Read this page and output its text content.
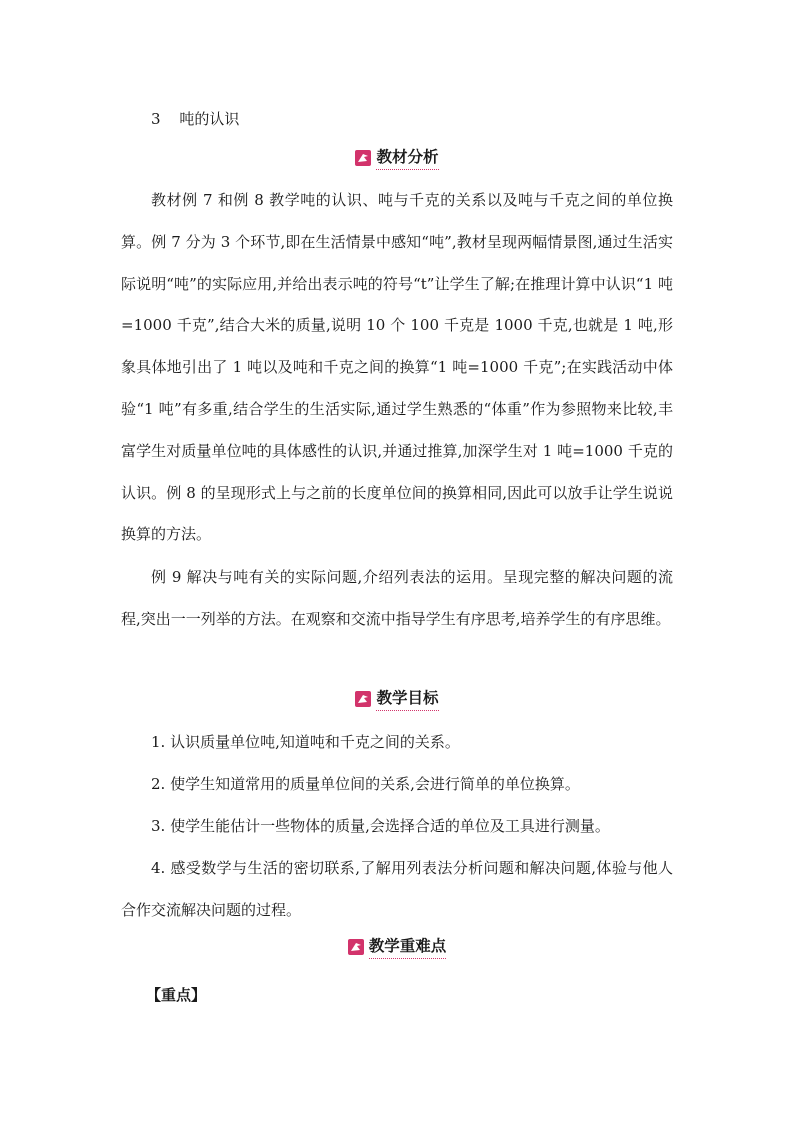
3 吨的认识
教材分析

教材例 7 和例 8 教学吨的认识、吨与千克的关系以及吨与千克之间的单位换算。例 7 分为 3 个环节,即在生活情景中感知“吨”,教材呈现两幅情景图,通过生活实际说明“吨”的实际应用,并给出表示吨的符号“t”让学生了解;在推理计算中认识“1 吨=1000 千克”,结合大米的质量,说明 10 个 100 千克是 1000 千克,也就是 1 吨,形象具体地引出了 1 吨以及吨和千克之间的换算“1 吨=1000 千克”;在实践活动中体验“1 吨”有多重,结合学生的生活实际,通过学生熟悉的“体重”作为参照物来比较,丰富学生对质量单位吨的具体感性的认识,并通过推算,加深学生对 1 吨=1000 千克的认识。例 8 的呈现形式上与之前的长度单位间的换算相同,因此可以放手让学生说说换算的方法。

例 9 解决与吨有关的实际问题,介绍列表法的运用。呈现完整的解决问题的流程,突出一一列举的方法。在观察和交流中指导学生有序思考,培养学生的有序思维。

教学目标

1. 认识质量单位吨,知道吨和千克之间的关系。

2. 使学生知道常用的质量单位间的关系,会进行简单的单位换算。

3. 使学生能估计一些物体的质量,会选择合适的单位及工具进行测量。

4. 感受数学与生活的密切联系,了解用列表法分析问题和解决问题,体验与他人合作交流解决问题的过程。

教学重难点
【重点】
